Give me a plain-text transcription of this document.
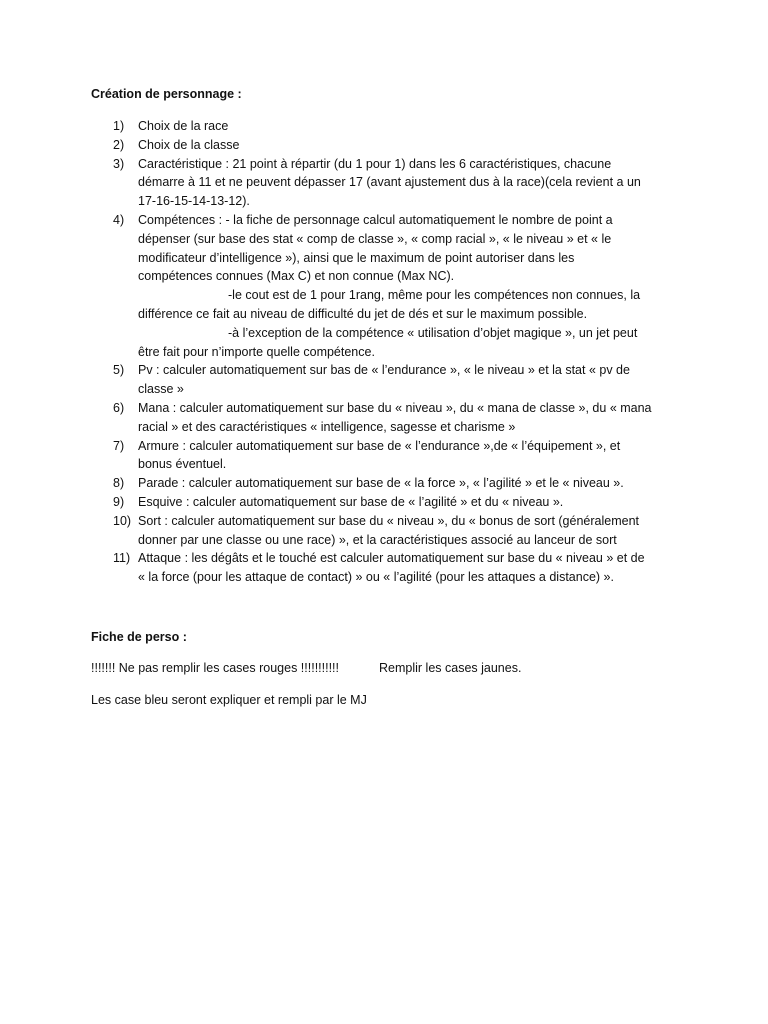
Création de personnage :
1)	Choix de la race
2)	Choix de la classe
3)	Caractéristique : 21 point à répartir (du 1 pour 1) dans les 6 caractéristiques, chacune
démarre à 11 et ne peuvent dépasser 17 (avant ajustement dus à la race)(cela revient a un
17-16-15-14-13-12).
4)	Compétences : - la fiche de personnage calcul automatiquement le nombre de point a
dépenser (sur base des stat « comp de classe », « comp racial », « le niveau » et « le
modificateur d’intelligence »), ainsi que le maximum de point autoriser dans les
compétences connues (Max C) et non connue (Max NC).
-le cout est de 1 pour 1rang, même pour les compétences non connues, la
différence ce fait au niveau de difficulté du jet de dés et sur le maximum possible.
-à l’exception de la compétence « utilisation d’objet magique », un jet peut
être fait pour n’importe quelle compétence.
5)	Pv : calculer automatiquement sur bas de « l’endurance », « le niveau » et la stat « pv de
classe »
6)	Mana : calculer automatiquement sur base du « niveau », du « mana de classe », du « mana
racial » et des caractéristiques « intelligence, sagesse et charisme »
7)	Armure : calculer automatiquement sur base de « l’endurance »,de « l’équipement », et
bonus éventuel.
8)	Parade : calculer automatiquement sur base de « la force », « l’agilité » et le « niveau ».
9)	Esquive : calculer automatiquement sur base de « l’agilité » et du « niveau ».
10) Sort : calculer automatiquement sur base du « niveau », du « bonus de sort (généralement
donner par une classe ou une race) », et la caractéristiques associé au lanceur de sort
11) Attaque : les dégâts et le touché est calculer automatiquement sur base du « niveau » et de
« la force (pour les attaque de contact) » ou « l’agilité (pour les attaques a distance) ».
Fiche de perso :
!!!!!!! Ne pas remplir les cases rouges !!!!!!!!!!!	Remplir les cases jaunes.
Les case bleu seront expliquer et rempli par le MJ
